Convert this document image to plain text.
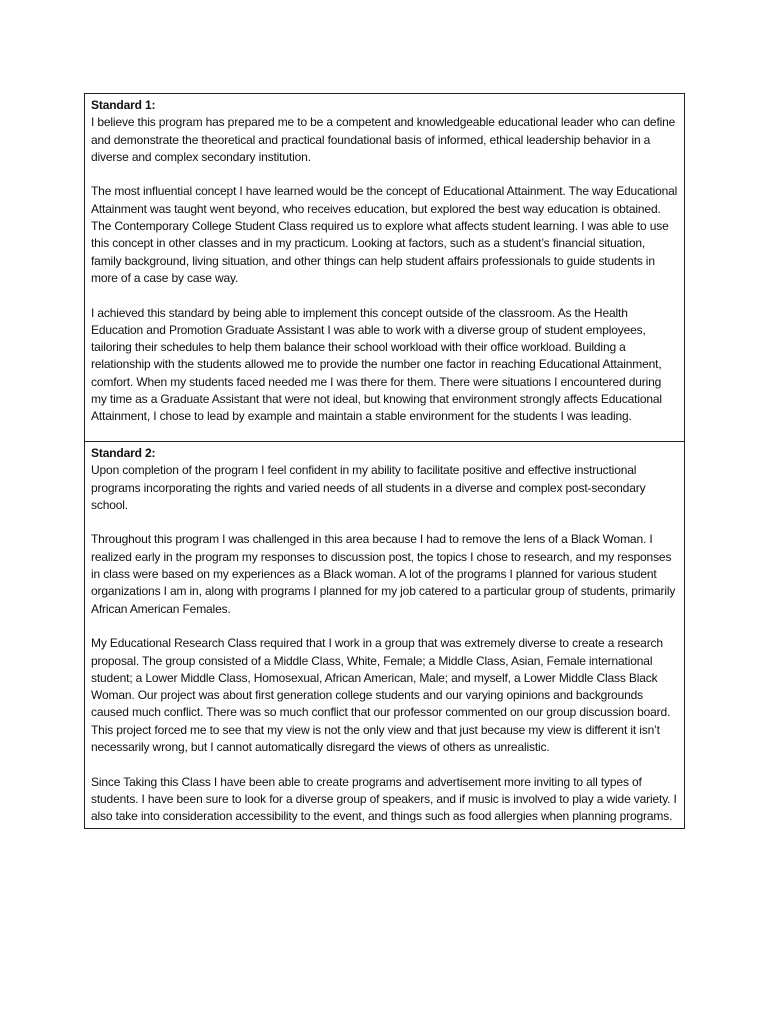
Standard 1:

I believe this program has prepared me to be a competent and knowledgeable educational leader who can define and demonstrate the theoretical and practical foundational basis of informed, ethical leadership behavior in a diverse and complex secondary institution.

The most influential concept I have learned would be the concept of Educational Attainment. The way Educational Attainment was taught went beyond, who receives education, but explored the best way education is obtained. The Contemporary College Student Class required us to explore what affects student learning. I was able to use this concept in other classes and in my practicum. Looking at factors, such as a student’s financial situation, family background, living situation, and other things can help student affairs professionals to guide students in more of a case by case way.

I achieved this standard by being able to implement this concept outside of the classroom. As the Health Education and Promotion Graduate Assistant I was able to work with a diverse group of student employees, tailoring their schedules to help them balance their school workload with their office workload. Building a relationship with the students allowed me to provide the number one factor in reaching Educational Attainment, comfort. When my students faced needed me I was there for them. There were situations I encountered during my time as a Graduate Assistant that were not ideal, but knowing that environment strongly affects Educational Attainment, I chose to lead by example and maintain a stable environment for the students I was leading.

Standard 2:

Upon completion of the program I feel confident in my ability to facilitate positive and effective instructional programs incorporating the rights and varied needs of all students in a diverse and complex post-secondary school.

Throughout this program I was challenged in this area because I had to remove the lens of a Black Woman. I realized early in the program my responses to discussion post, the topics I chose to research, and my responses in class were based on my experiences as a Black woman. A lot of the programs I planned for various student organizations I am in, along with programs I planned for my job catered to a particular group of students, primarily African American Females.

My Educational Research Class required that I work in a group that was extremely diverse to create a research proposal. The group consisted of a Middle Class, White, Female; a Middle Class, Asian, Female international student; a Lower Middle Class, Homosexual, African American, Male; and myself, a Lower Middle Class Black Woman. Our project was about first generation college students and our varying opinions and backgrounds caused much conflict. There was so much conflict that our professor commented on our group discussion board. This project forced me to see that my view is not the only view and that just because my view is different it isn’t necessarily wrong, but I cannot automatically disregard the views of others as unrealistic.

Since Taking this Class I have been able to create programs and advertisement more inviting to all types of students. I have been sure to look for a diverse group of speakers, and if music is involved to play a wide variety. I also take into consideration accessibility to the event, and things such as food allergies when planning programs.
